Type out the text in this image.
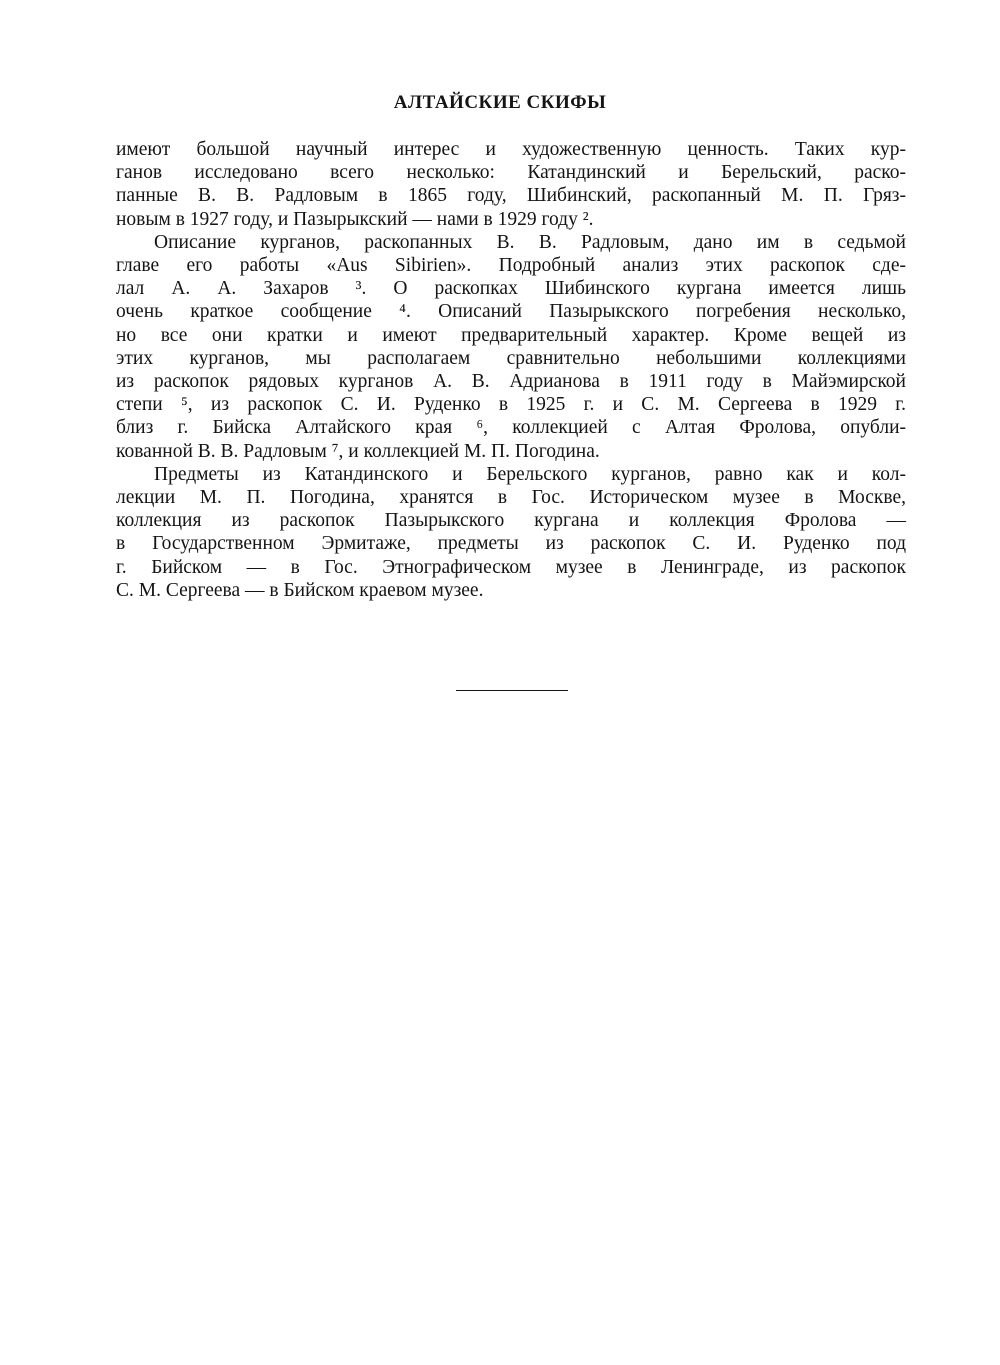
АЛТАЙСКИЕ СКИФЫ

имеют большой научный интерес и художественную ценность. Таких кур-
ганов исследовано всего несколько: Катандинский и Берельский, раско-
панные В. В. Радловым в 1865 году, Шибинский, раскопанный М. П. Гряз-
новым в 1927 году, и Пазырыкский — нами в 1929 году ².

Описание курганов, раскопанных В. В. Радловым, дано им в седьмой
главе его работы «Aus Sibirien». Подробный анализ этих раскопок сде-
лал А. А. Захаров ³. О раскопках Шибинского кургана имеется лишь
очень краткое сообщение ⁴. Описаний Пазырыкского погребения несколько,
но все они кратки и имеют предварительный характер. Кроме вещей из
этих курганов, мы располагаем сравнительно небольшими коллекциями
из раскопок рядовых курганов А. В. Адрианова в 1911 году в Майэмирской
степи ⁵, из раскопок С. И. Руденко в 1925 г. и С. М. Сергеева в 1929 г.
близ г. Бийска Алтайского края ⁶, коллекцией с Алтая Фролова, опубли-
кованной В. В. Радловым ⁷, и коллекцией М. П. Погодина.

Предметы из Катандинского и Берельского курганов, равно как и кол-
лекции М. П. Погодина, хранятся в Гос. Историческом музее в Москве,
коллекция из раскопок Пазырыкского кургана и коллекция Фролова —
в Государственном Эрмитаже, предметы из раскопок С. И. Руденко под
г. Бийском — в Гос. Этнографическом музее в Ленинграде, из раскопок
С. М. Сергеева — в Бийском краевом музее.
